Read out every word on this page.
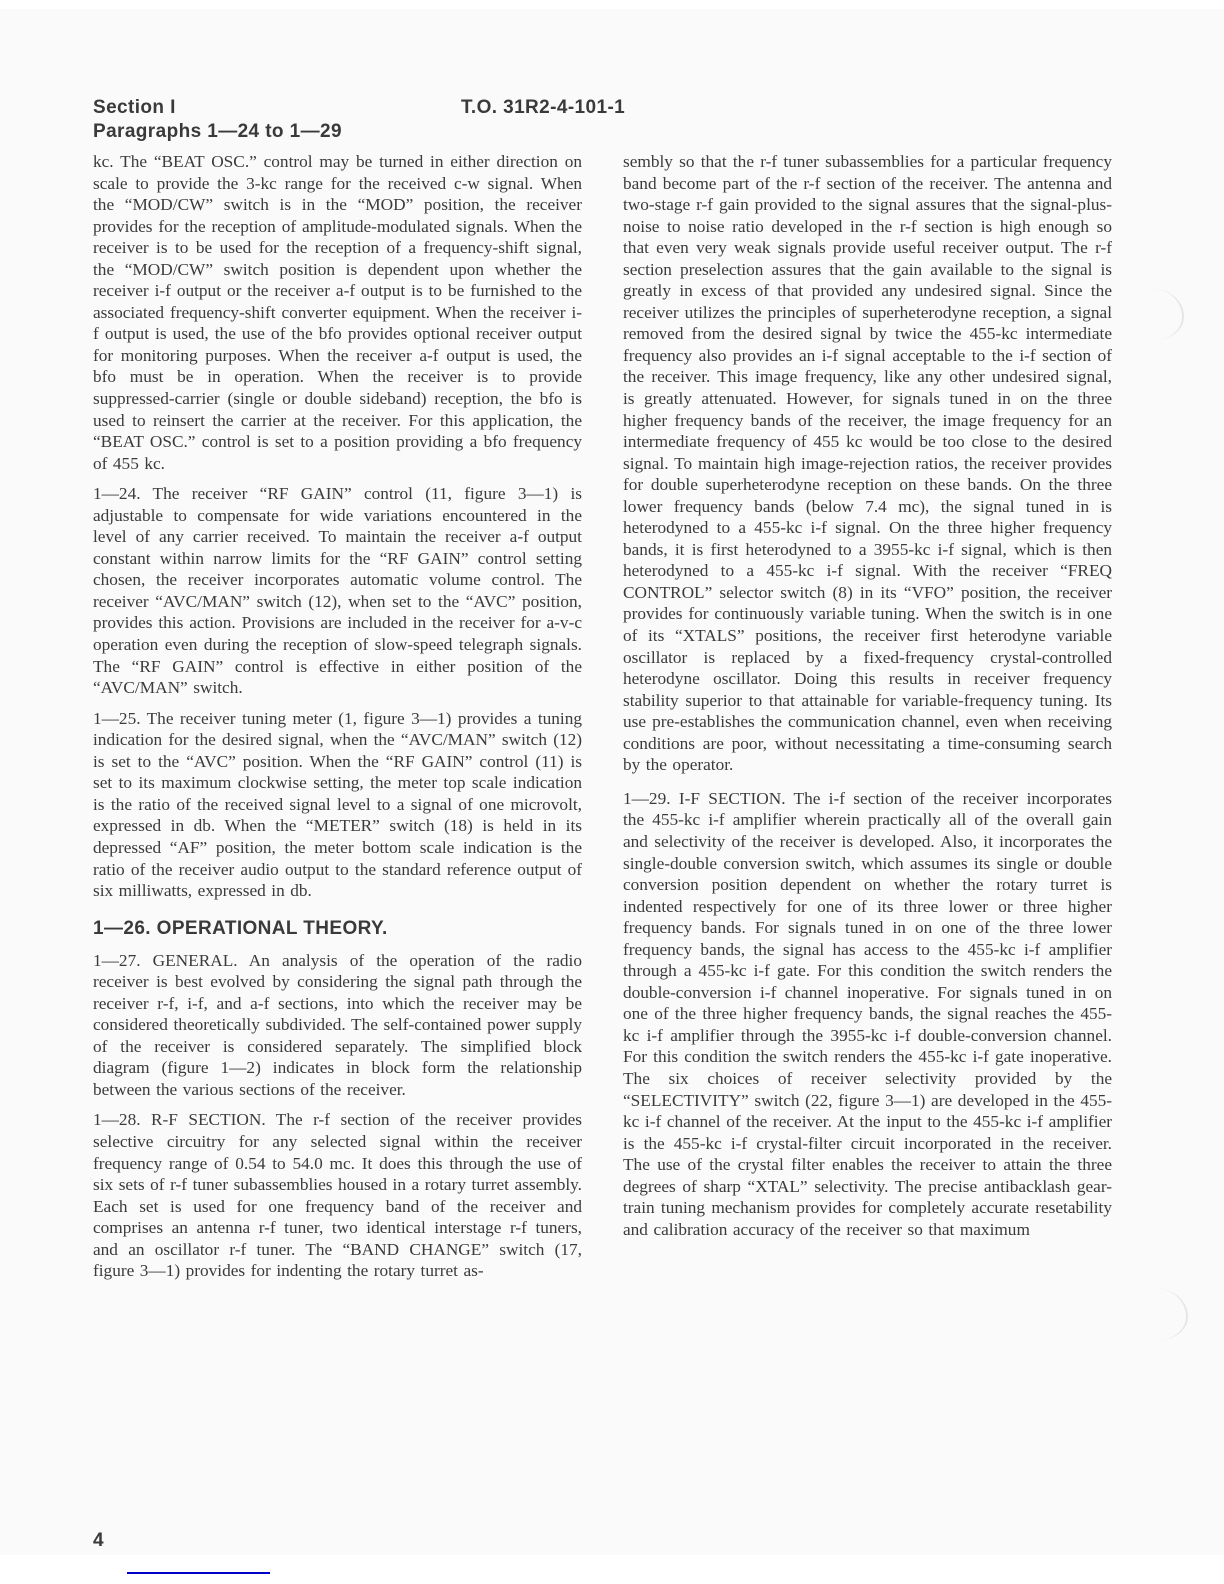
Section I
Paragraphs 1—24 to 1—29
T.O. 31R2-4-101-1

kc. The “BEAT OSC.” control may be turned in either direction on scale to provide the 3-kc range for the received c-w signal. When the “MOD/CW” switch is in the “MOD” position, the receiver provides for the reception of amplitude-modulated signals. When the receiver is to be used for the reception of a frequency-shift signal, the “MOD/CW” switch position is dependent upon whether the receiver i-f output or the receiver a-f output is to be furnished to the associated frequency-shift converter equipment. When the receiver i-f output is used, the use of the bfo provides optional receiver output for monitoring purposes. When the receiver a-f output is used, the bfo must be in operation. When the receiver is to provide suppressed-carrier (single or double sideband) reception, the bfo is used to reinsert the carrier at the receiver. For this application, the “BEAT OSC.” control is set to a position providing a bfo frequency of 455 kc.

1—24. The receiver “RF GAIN” control (11, figure 3—1) is adjustable to compensate for wide variations encountered in the level of any carrier received. To maintain the receiver a-f output constant within narrow limits for the “RF GAIN” control setting chosen, the receiver incorporates automatic volume control. The receiver “AVC/MAN” switch (12), when set to the “AVC” position, provides this action. Provisions are included in the receiver for a-v-c operation even during the reception of slow-speed telegraph signals. The “RF GAIN” control is effective in either position of the “AVC/MAN” switch.

1—25. The receiver tuning meter (1, figure 3—1) provides a tuning indication for the desired signal, when the “AVC/MAN” switch (12) is set to the “AVC” position. When the “RF GAIN” control (11) is set to its maximum clockwise setting, the meter top scale indication is the ratio of the received signal level to a signal of one microvolt, expressed in db. When the “METER” switch (18) is held in its depressed “AF” position, the meter bottom scale indication is the ratio of the receiver audio output to the standard reference output of six milliwatts, expressed in db.

1—26. OPERATIONAL THEORY.

1—27. GENERAL. An analysis of the operation of the radio receiver is best evolved by considering the signal path through the receiver r-f, i-f, and a-f sections, into which the receiver may be considered theoretically subdivided. The self-contained power supply of the receiver is considered separately. The simplified block diagram (figure 1—2) indicates in block form the relationship between the various sections of the receiver.

1—28. R-F SECTION. The r-f section of the receiver provides selective circuitry for any selected signal within the receiver frequency range of 0.54 to 54.0 mc. It does this through the use of six sets of r-f tuner subassemblies housed in a rotary turret assembly. Each set is used for one frequency band of the receiver and comprises an antenna r-f tuner, two identical interstage r-f tuners, and an oscillator r-f tuner. The “BAND CHANGE” switch (17, figure 3—1) provides for indenting the rotary turret as-

sembly so that the r-f tuner subassemblies for a particular frequency band become part of the r-f section of the receiver. The antenna and two-stage r-f gain provided to the signal assures that the signal-plus-noise to noise ratio developed in the r-f section is high enough so that even very weak signals provide useful receiver output. The r-f section preselection assures that the gain available to the signal is greatly in excess of that provided any undesired signal. Since the receiver utilizes the principles of superheterodyne reception, a signal removed from the desired signal by twice the 455-kc intermediate frequency also provides an i-f signal acceptable to the i-f section of the receiver. This image frequency, like any other undesired signal, is greatly attenuated. However, for signals tuned in on the three higher frequency bands of the receiver, the image frequency for an intermediate frequency of 455 kc would be too close to the desired signal. To maintain high image-rejection ratios, the receiver provides for double superheterodyne reception on these bands. On the three lower frequency bands (below 7.4 mc), the signal tuned in is heterodyned to a 455-kc i-f signal. On the three higher frequency bands, it is first heterodyned to a 3955-kc i-f signal, which is then heterodyned to a 455-kc i-f signal. With the receiver “FREQ CONTROL” selector switch (8) in its “VFO” position, the receiver provides for continuously variable tuning. When the switch is in one of its “XTALS” positions, the receiver first heterodyne variable oscillator is replaced by a fixed-frequency crystal-controlled heterodyne oscillator. Doing this results in receiver frequency stability superior to that attainable for variable-frequency tuning. Its use pre-establishes the communication channel, even when receiving conditions are poor, without necessitating a time-consuming search by the operator.

1—29. I-F SECTION. The i-f section of the receiver incorporates the 455-kc i-f amplifier wherein practically all of the overall gain and selectivity of the receiver is developed. Also, it incorporates the single-double conversion switch, which assumes its single or double conversion position dependent on whether the rotary turret is indented respectively for one of its three lower or three higher frequency bands. For signals tuned in on one of the three lower frequency bands, the signal has access to the 455-kc i-f amplifier through a 455-kc i-f gate. For this condition the switch renders the double-conversion i-f channel inoperative. For signals tuned in on one of the three higher frequency bands, the signal reaches the 455-kc i-f amplifier through the 3955-kc i-f double-conversion channel. For this condition the switch renders the 455-kc i-f gate inoperative. The six choices of receiver selectivity provided by the “SELECTIVITY” switch (22, figure 3—1) are developed in the 455-kc i-f channel of the receiver. At the input to the 455-kc i-f amplifier is the 455-kc i-f crystal-filter circuit incorporated in the receiver. The use of the crystal filter enables the receiver to attain the three degrees of sharp “XTAL” selectivity. The precise antibacklash gear-train tuning mechanism provides for completely accurate resetability and calibration accuracy of the receiver so that maximum

4
